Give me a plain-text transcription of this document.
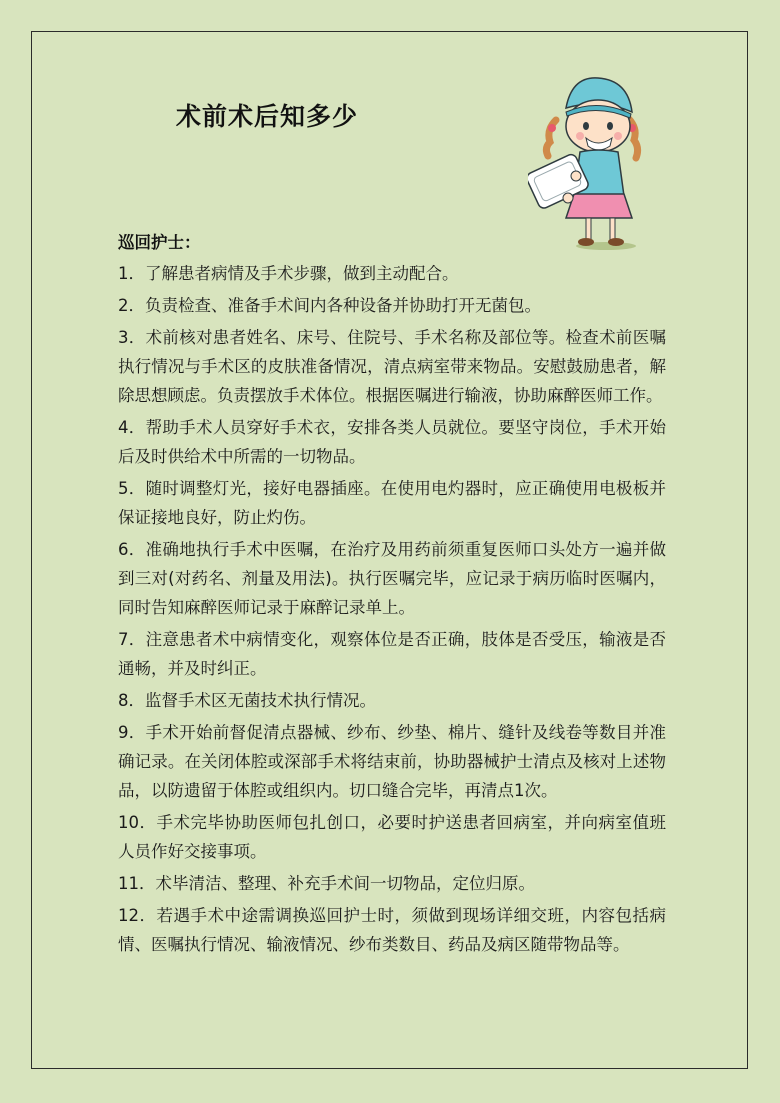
术前术后知多少
巡回护士：
1．了解患者病情及手术步骤，做到主动配合。
2．负责检查、准备手术间内各种设备并协助打开无菌包。
3．术前核对患者姓名、床号、住院号、手术名称及部位等。检查术前医嘱执行情况与手术区的皮肤准备情况，清点病室带来物品。安慰鼓励患者，解除思想顾虑。负责摆放手术体位。根据医嘱进行输液，协助麻醉医师工作。
4．帮助手术人员穿好手术衣，安排各类人员就位。要坚守岗位，手术开始后及时供给术中所需的一切物品。
5．随时调整灯光，接好电器插座。在使用电灼器时，应正确使用电极板并保证接地良好，防止灼伤。
6．准确地执行手术中医嘱，在治疗及用药前须重复医师口头处方一遍并做到三对(对药名、剂量及用法)。执行医嘱完毕，应记录于病历临时医嘱内，同时告知麻醉医师记录于麻醉记录单上。
7．注意患者术中病情变化，观察体位是否正确，肢体是否受压，输液是否通畅，并及时纠正。
8．监督手术区无菌技术执行情况。
9．手术开始前督促清点器械、纱布、纱垫、棉片、缝针及线卷等数目并准确记录。在关闭体腔或深部手术将结束前，协助器械护士清点及核对上述物品，以防遗留于体腔或组织内。切口缝合完毕，再清点1次。
10．手术完毕协助医师包扎创口，必要时护送患者回病室，并向病室值班人员作好交接事项。
11．术毕清洁、整理、补充手术间一切物品，定位归原。
12．若遇手术中途需调换巡回护士时，须做到现场详细交班，内容包括病情、医嘱执行情况、输液情况、纱布类数目、药品及病区随带物品等。
